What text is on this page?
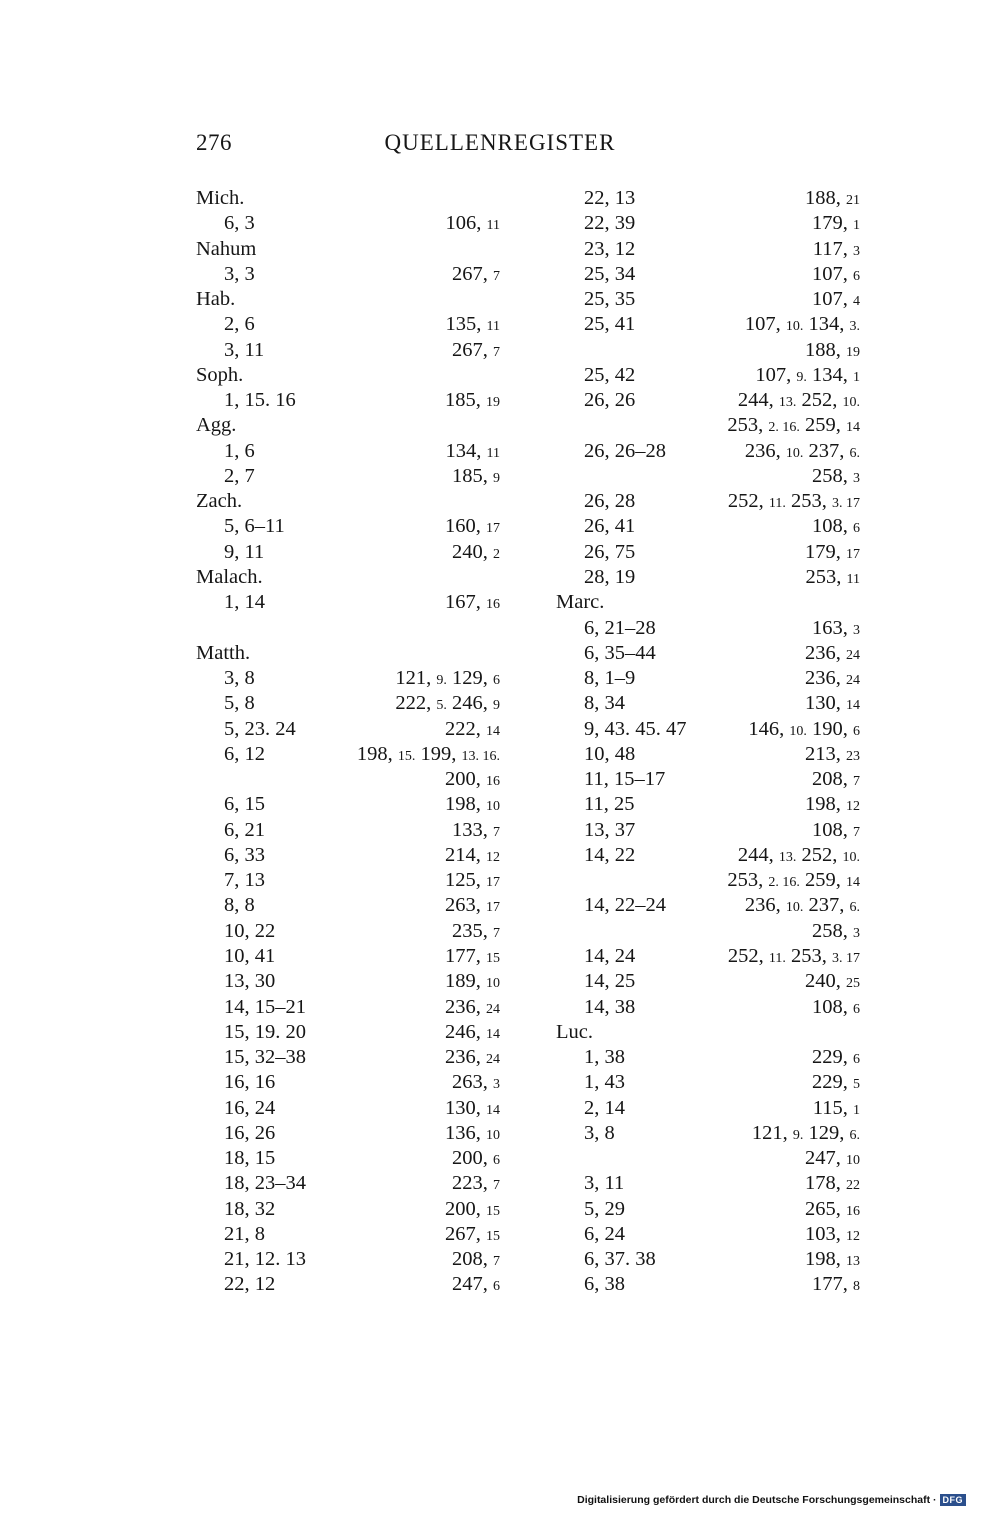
276	QUELLENREGISTER
Mich.
6, 3	106, 11
Nahum
3, 3	267, 7
Hab.
2, 6	135, 11
3, 11	267, 7
Soph.
1, 15. 16	185, 19
Agg.
1, 6	134, 11
2, 7	185, 9
Zach.
5, 6–11	160, 17
9, 11	240, 2
Malach.
1, 14	167, 16
Matth.
3, 8	121, 9. 129, 6
5, 8	222, 5. 246, 9
5, 23. 24	222, 14
6, 12	198, 15. 199, 13. 16.
200, 16
6, 15	198, 10
6, 21	133, 7
6, 33	214, 12
7, 13	125, 17
8, 8	263, 17
10, 22	235, 7
10, 41	177, 15
13, 30	189, 10
14, 15–21	236, 24
15, 19. 20	246, 14
15, 32–38	236, 24
16, 16	263, 3
16, 24	130, 14
16, 26	136, 10
18, 15	200, 6
18, 23–34	223, 7
18, 32	200, 15
21, 8	267, 15
21, 12. 13	208, 7
22, 12	247, 6
22, 13	188, 21
22, 39	179, 1
23, 12	117, 3
25, 34	107, 6
25, 35	107, 4
25, 41	107, 10. 134, 3.
188, 19
25, 42	107, 9. 134, 1
26, 26	244, 13. 252, 10.
253, 2. 16. 259, 14
26, 26–28	236, 10. 237, 6.
258, 3
26, 28	252, 11. 253, 3. 17
26, 41	108, 6
26, 75	179, 17
28, 19	253, 11
Marc.
6, 21–28	163, 3
6, 35–44	236, 24
8, 1–9	236, 24
8, 34	130, 14
9, 43. 45. 47	146, 10. 190, 6
10, 48	213, 23
11, 15–17	208, 7
11, 25	198, 12
13, 37	108, 7
14, 22	244, 13. 252, 10.
253, 2. 16. 259, 14
14, 22–24	236, 10. 237, 6.
258, 3
14, 24	252, 11. 253, 3. 17
14, 25	240, 25
14, 38	108, 6
Luc.
1, 38	229, 6
1, 43	229, 5
2, 14	115, 1
3, 8	121, 9. 129, 6.
247, 10
3, 11	178, 22
5, 29	265, 16
6, 24	103, 12
6, 37. 38	198, 13
6, 38	177, 8
Digitalisierung gefördert durch die Deutsche Forschungsgemeinschaft · DFG
